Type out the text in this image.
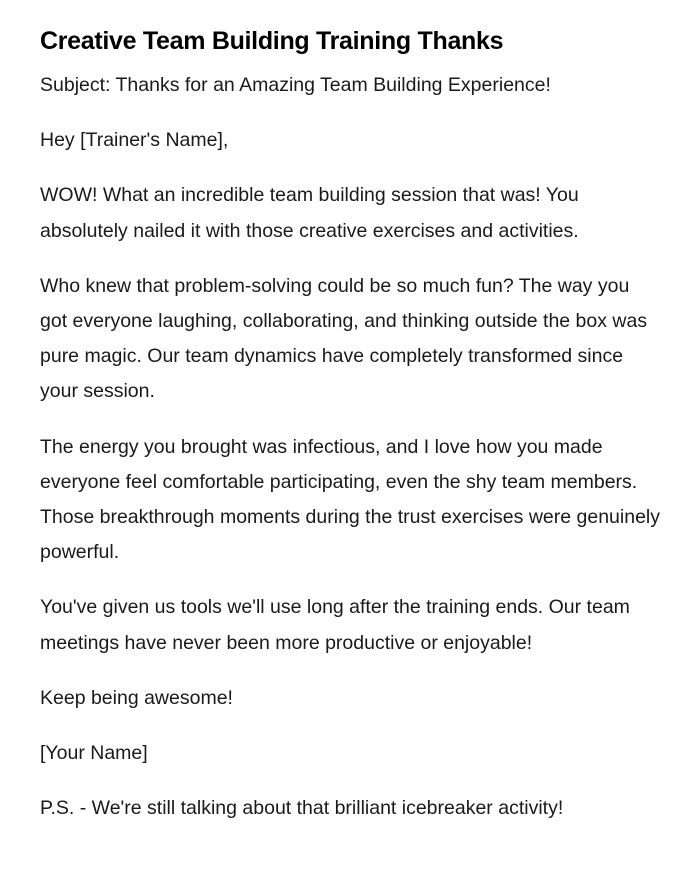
Creative Team Building Training Thanks

Subject: Thanks for an Amazing Team Building Experience!

Hey [Trainer's Name],

WOW! What an incredible team building session that was! You absolutely nailed it with those creative exercises and activities.

Who knew that problem-solving could be so much fun? The way you got everyone laughing, collaborating, and thinking outside the box was pure magic. Our team dynamics have completely transformed since your session.

The energy you brought was infectious, and I love how you made everyone feel comfortable participating, even the shy team members. Those breakthrough moments during the trust exercises were genuinely powerful.

You've given us tools we'll use long after the training ends. Our team meetings have never been more productive or enjoyable!

Keep being awesome!

[Your Name]

P.S. - We're still talking about that brilliant icebreaker activity!
